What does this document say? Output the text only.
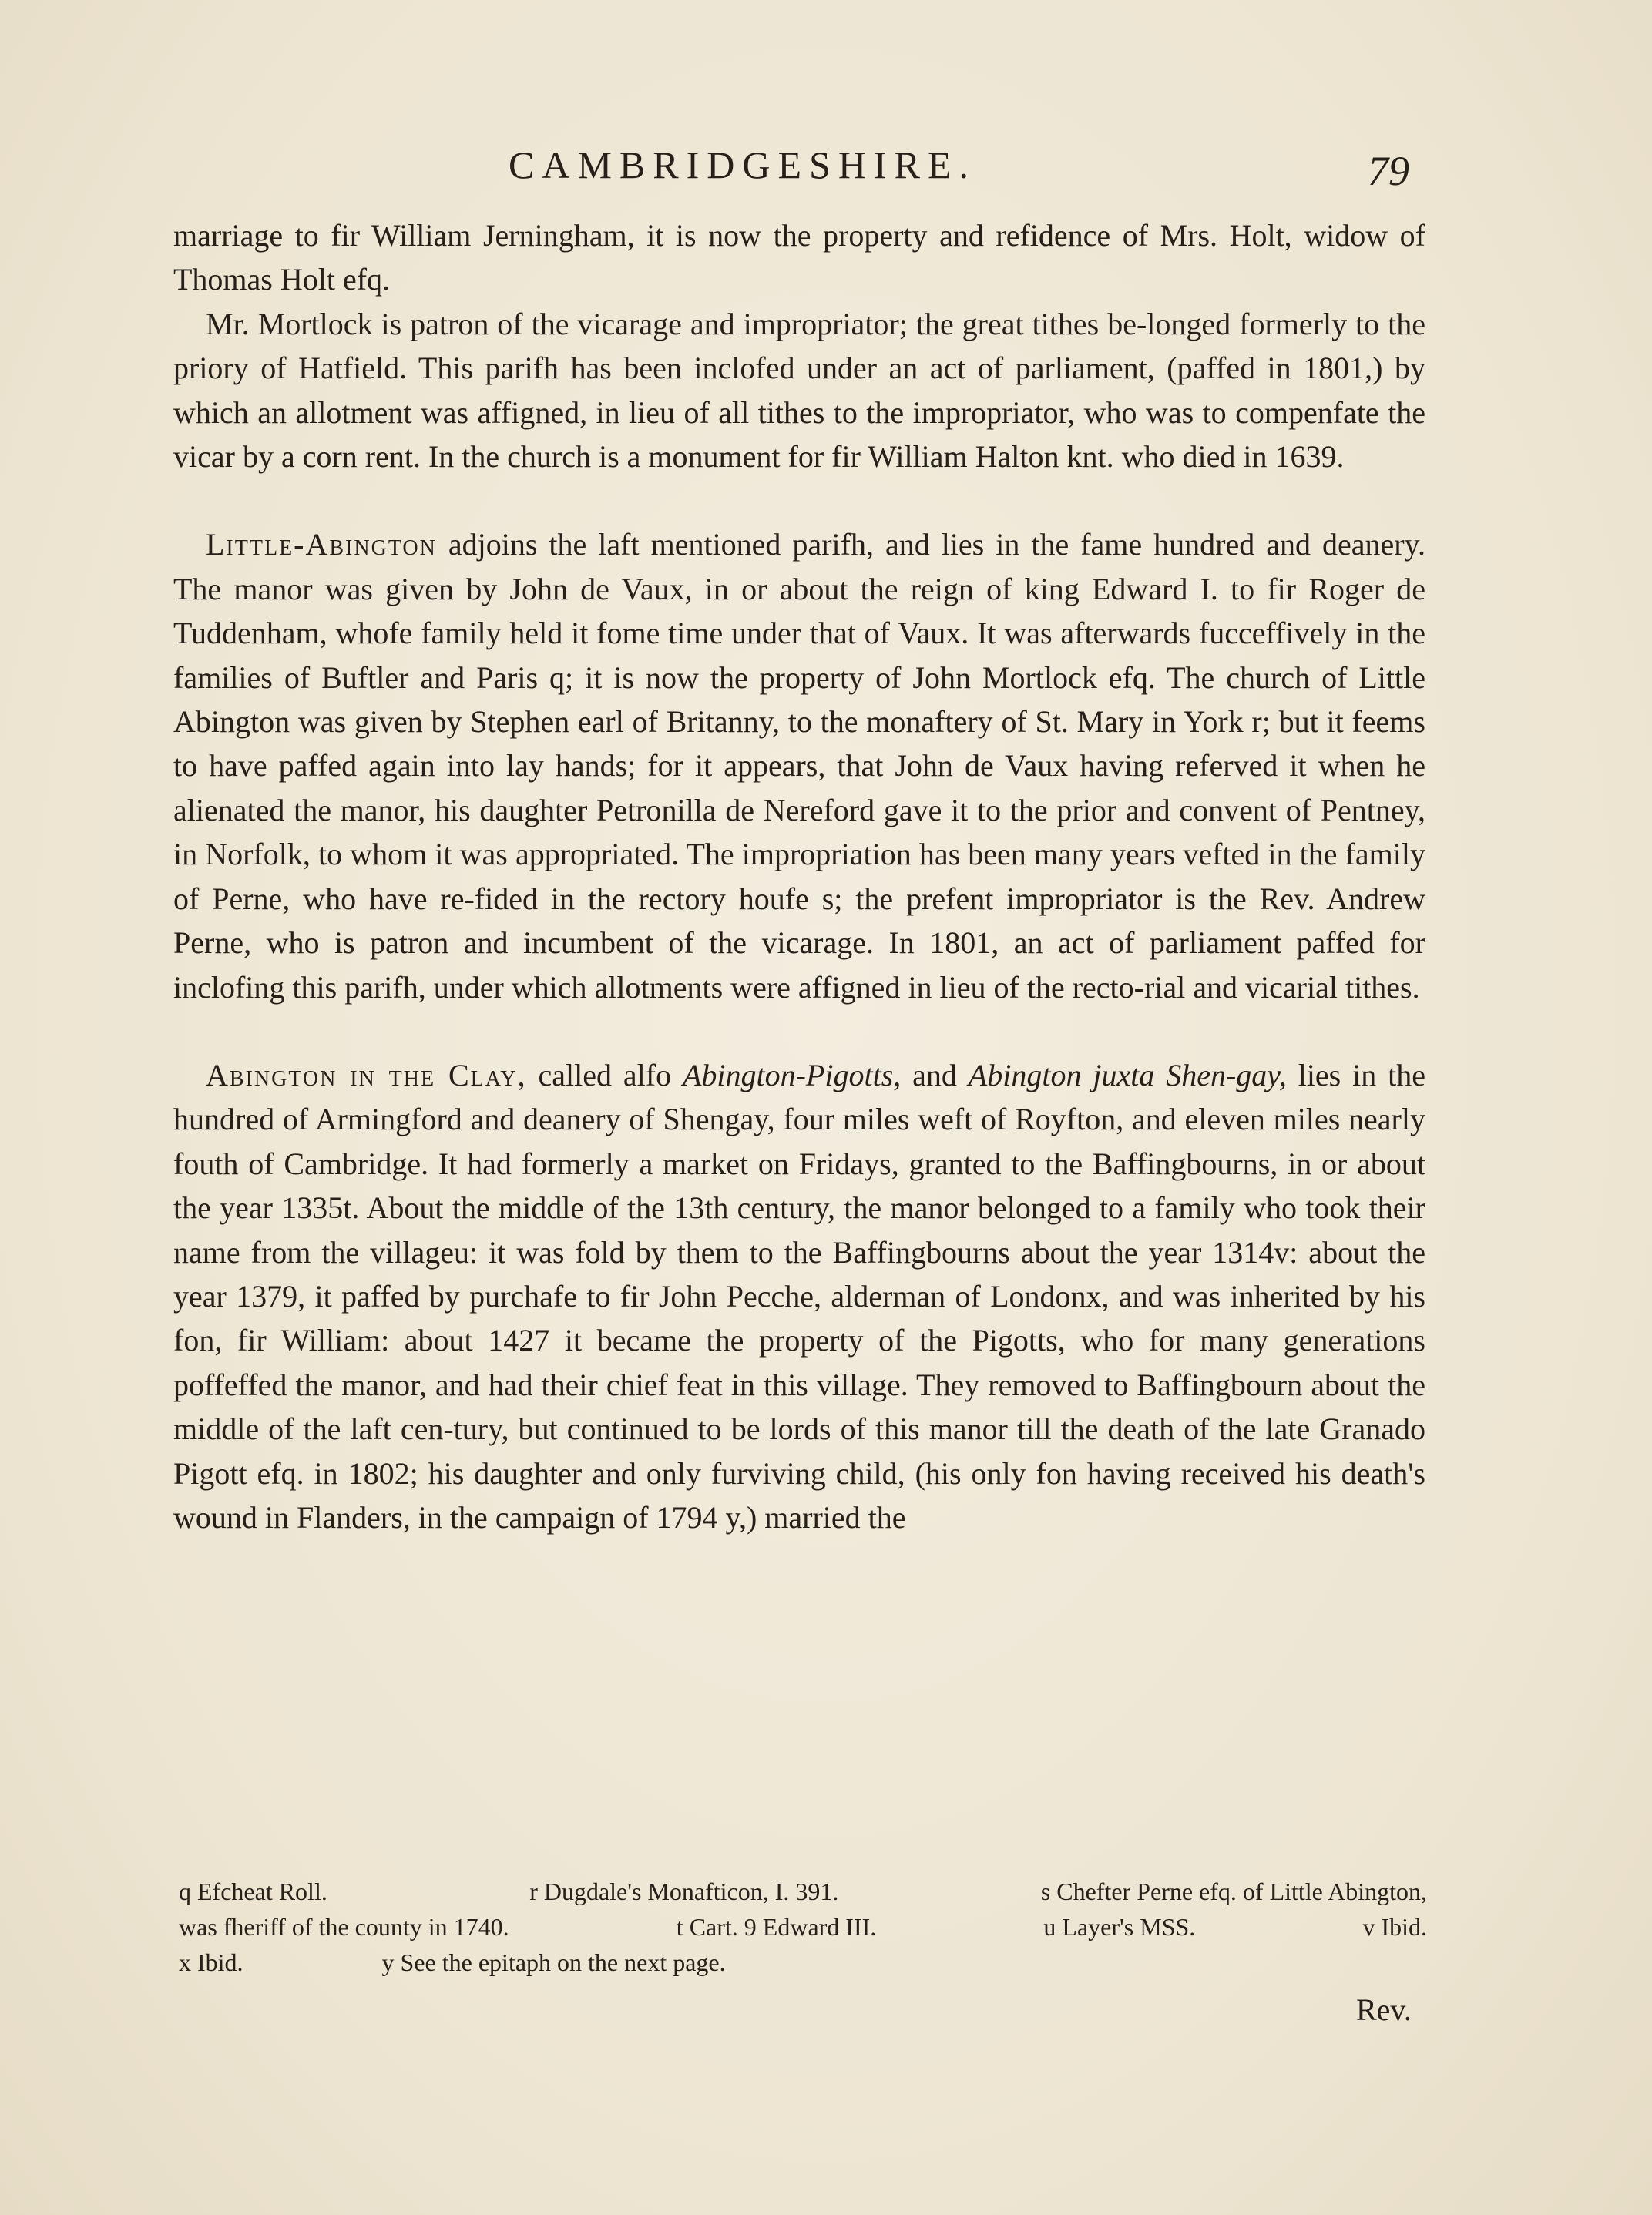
CAMBRIDGESHIRE.	79

marriage to fir William Jerningham, it is now the property and refidence of Mrs. Holt, widow of Thomas Holt efq.

Mr. Mortlock is patron of the vicarage and impropriator; the great tithes be-longed formerly to the priory of Hatfield. This parifh has been inclofed under an act of parliament, (paffed in 1801,) by which an allotment was affigned, in lieu of all tithes to the impropriator, who was to compenfate the vicar by a corn rent. In the church is a monument for fir William Halton knt. who died in 1639.

Little-Abington adjoins the laft mentioned parifh, and lies in the fame hundred and deanery. The manor was given by John de Vaux, in or about the reign of king Edward I. to fir Roger de Tuddenham, whofe family held it fome time under that of Vaux. It was afterwards fucceffively in the families of Buftler and Paris q; it is now the property of John Mortlock efq. The church of Little Abington was given by Stephen earl of Britanny, to the monaftery of St. Mary in York r; but it feems to have paffed again into lay hands; for it appears, that John de Vaux having referved it when he alienated the manor, his daughter Petronilla de Nereford gave it to the prior and convent of Pentney, in Norfolk, to whom it was appropriated. The impropriation has been many years vefted in the family of Perne, who have re-fided in the rectory houfe s; the prefent impropriator is the Rev. Andrew Perne, who is patron and incumbent of the vicarage. In 1801, an act of parliament paffed for inclofing this parifh, under which allotments were affigned in lieu of the recto-rial and vicarial tithes.

Abington in the Clay, called alfo Abington-Pigotts, and Abington juxta Shen-gay, lies in the hundred of Armingford and deanery of Shengay, four miles weft of Royfton, and eleven miles nearly fouth of Cambridge. It had formerly a market on Fridays, granted to the Baffingbourns, in or about the year 1335t. About the middle of the 13th century, the manor belonged to a family who took their name from the villageu: it was fold by them to the Baffingbourns about the year 1314v: about the year 1379, it paffed by purchafe to fir John Pecche, alderman of Londonx, and was inherited by his fon, fir William: about 1427 it became the property of the Pigotts, who for many generations poffeffed the manor, and had their chief feat in this village. They removed to Baffingbourn about the middle of the laft cen-tury, but continued to be lords of this manor till the death of the late Granado Pigott efq. in 1802; his daughter and only furviving child, (his only fon having received his death's wound in Flanders, in the campaign of 1794 y,) married the

q Efcheat Roll.	r Dugdale's Monafticon, I. 391.	s Chefter Perne efq. of Little Abington,
was fheriff of the county in 1740.	t Cart. 9 Edward III.	u Layer's MSS.	v Ibid.
x Ibid.	y See the epitaph on the next page.
Rev.
